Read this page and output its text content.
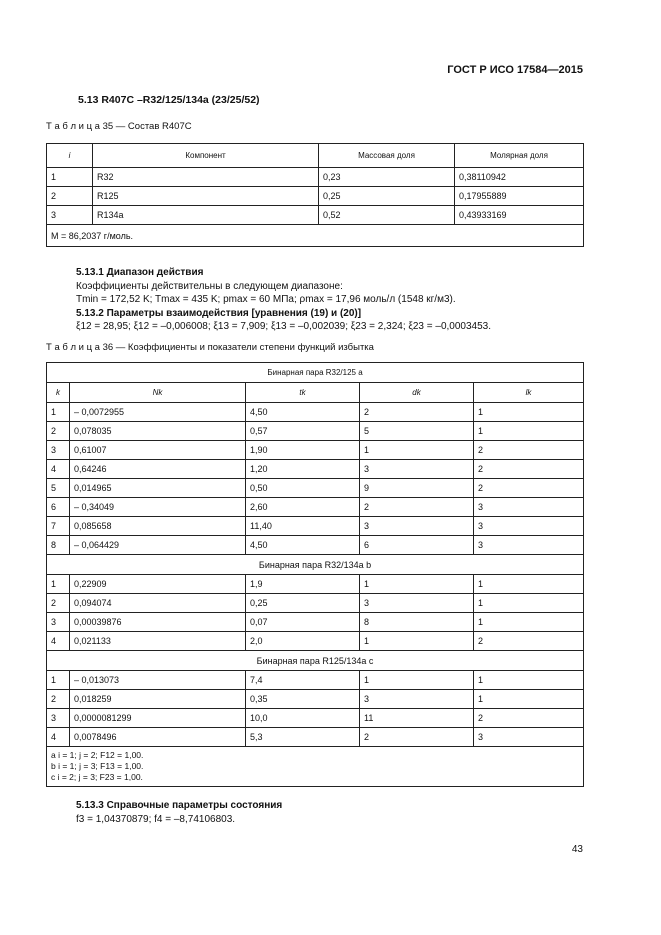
ГОСТ Р ИСО 17584—2015
5.13 R407C –R32/125/134a (23/25/52)
Т а б л и ц а 35 — Состав R407C
i	Компонент	Массовая доля	Молярная доля
1	R32	0,23	0,38110942
2	R125	0,25	0,17955889
3	R134a	0,52	0,43933169
M = 86,2037 г/моль.			
5.13.1 Диапазон действия
Коэффициенты действительны в следующем диапазоне:
Tmin = 172,52 K; Tmax = 435 K; pmax = 60 МПа; ρmax = 17,96 моль/л (1548 кг/м3).
5.13.2 Параметры взаимодействия [уравнения (19) и (20)]
ξ12 = 28,95; ξ12 = –0,006008; ξ13 = 7,909; ξ13 = –0,002039; ξ23 = 2,324; ξ23 = –0,0003453.
Т а б л и ц а 36 — Коэффициенты и показатели степени функций избытка
Бинарная пара R32/125 a				
k	Nk	tk	dk	lk
1	– 0,0072955	4,50	2	1
2	0,078035	0,57	5	1
3	0,61007	1,90	1	2
4	0,64246	1,20	3	2
5	0,014965	0,50	9	2
6	– 0,34049	2,60	2	3
7	0,085658	11,40	3	3
8	– 0,064429	4,50	6	3
Бинарная пара R32/134a b				
1	0,22909	1,9	1	1
2	0,094074	0,25	3	1
3	0,00039876	0,07	8	1
4	0,021133	2,0	1	2
Бинарная пара R125/134a c				
1	– 0,013073	7,4	1	1
2	0,018259	0,35	3	1
3	0,0000081299	10,0	11	2
4	0,0078496	5,3	2	3

a i = 1; j = 2; F12 = 1,00.
b i = 1; j = 3; F13 = 1,00.
c i = 2; j = 3; F23 = 1,00.				
5.13.3 Справочные параметры состояния
f3 = 1,04370879; f4 = –8,74106803.
43
